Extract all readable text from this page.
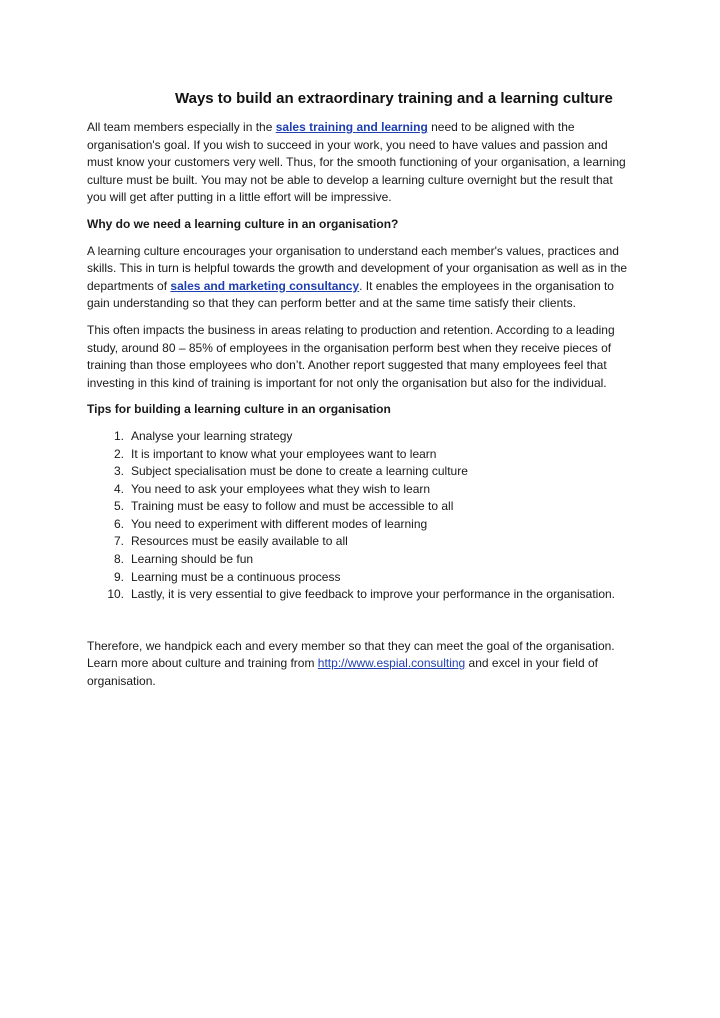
Ways to build an extraordinary training and a learning culture

All team members especially in the sales training and learning need to be aligned with the organisation's goal. If you wish to succeed in your work, you need to have values and passion and must know your customers very well. Thus, for the smooth functioning of your organisation, a learning culture must be built. You may not be able to develop a learning culture overnight but the result that you will get after putting in a little effort will be impressive.

Why do we need a learning culture in an organisation?

A learning culture encourages your organisation to understand each member's values, practices and skills. This in turn is helpful towards the growth and development of your organisation as well as in the departments of sales and marketing consultancy. It enables the employees in the organisation to gain understanding so that they can perform better and at the same time satisfy their clients.

This often impacts the business in areas relating to production and retention. According to a leading study, around 80 – 85% of employees in the organisation perform best when they receive pieces of training than those employees who don’t. Another report suggested that many employees feel that investing in this kind of training is important for not only the organisation but also for the individual.

Tips for building a learning culture in an organisation
1. Analyse your learning strategy
2. It is important to know what your employees want to learn
3. Subject specialisation must be done to create a learning culture
4. You need to ask your employees what they wish to learn
5. Training must be easy to follow and must be accessible to all
6. You need to experiment with different modes of learning
7. Resources must be easily available to all
8. Learning should be fun
9. Learning must be a continuous process
10. Lastly, it is very essential to give feedback to improve your performance in the organisation.

Therefore, we handpick each and every member so that they can meet the goal of the organisation. Learn more about culture and training from http://www.espial.consulting and excel in your field of organisation.
